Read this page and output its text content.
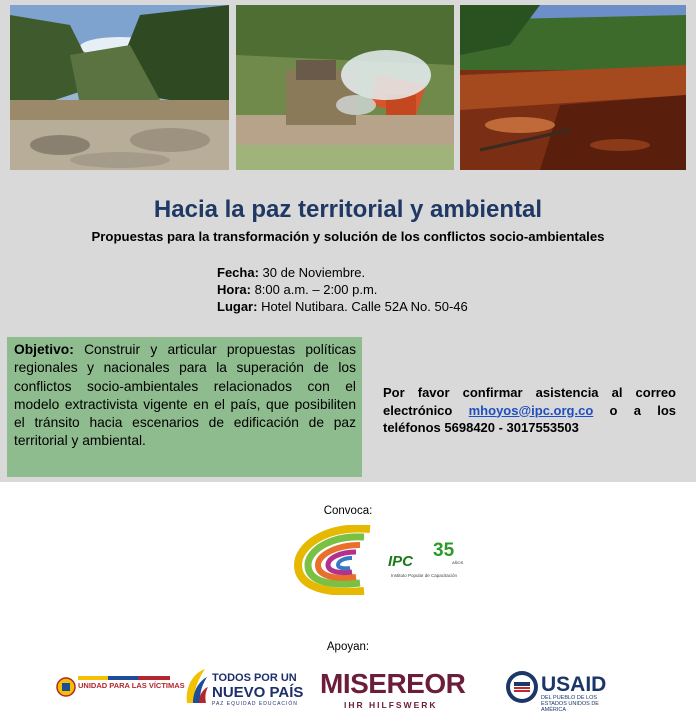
Hacia la paz territorial y ambiental
Propuestas para la transformación y solución de los conflictos socio-ambientales
Fecha: 30 de Noviembre.
Hora: 8:00 a.m. – 2:00 p.m.
Lugar: Hotel Nutibara. Calle 52A No. 50-46
Objetivo: Construir y articular propuestas políticas regionales y nacionales para la superación de los conflictos socio-ambientales relacionados con el modelo extractivista vigente en el país, que posibiliten el tránsito hacia escenarios de edificación de paz territorial y ambiental.
Por favor confirmar asistencia al correo electrónico mhoyos@ipc.org.co o a los teléfonos 5698420 - 3017553503
Convoca:
35
AÑOS
IPC
Instituto Popular de Capacitación
Apoyan:
UNIDAD PARA LAS VÍCTIMAS
TODOS POR UN
NUEVO PAÍS
PAZ EQUIDAD EDUCACIÓN
MISEREOR
IHR HILFSWERK
USAID
DEL PUEBLO DE LOS ESTADOS UNIDOS DE AMÉRICA
